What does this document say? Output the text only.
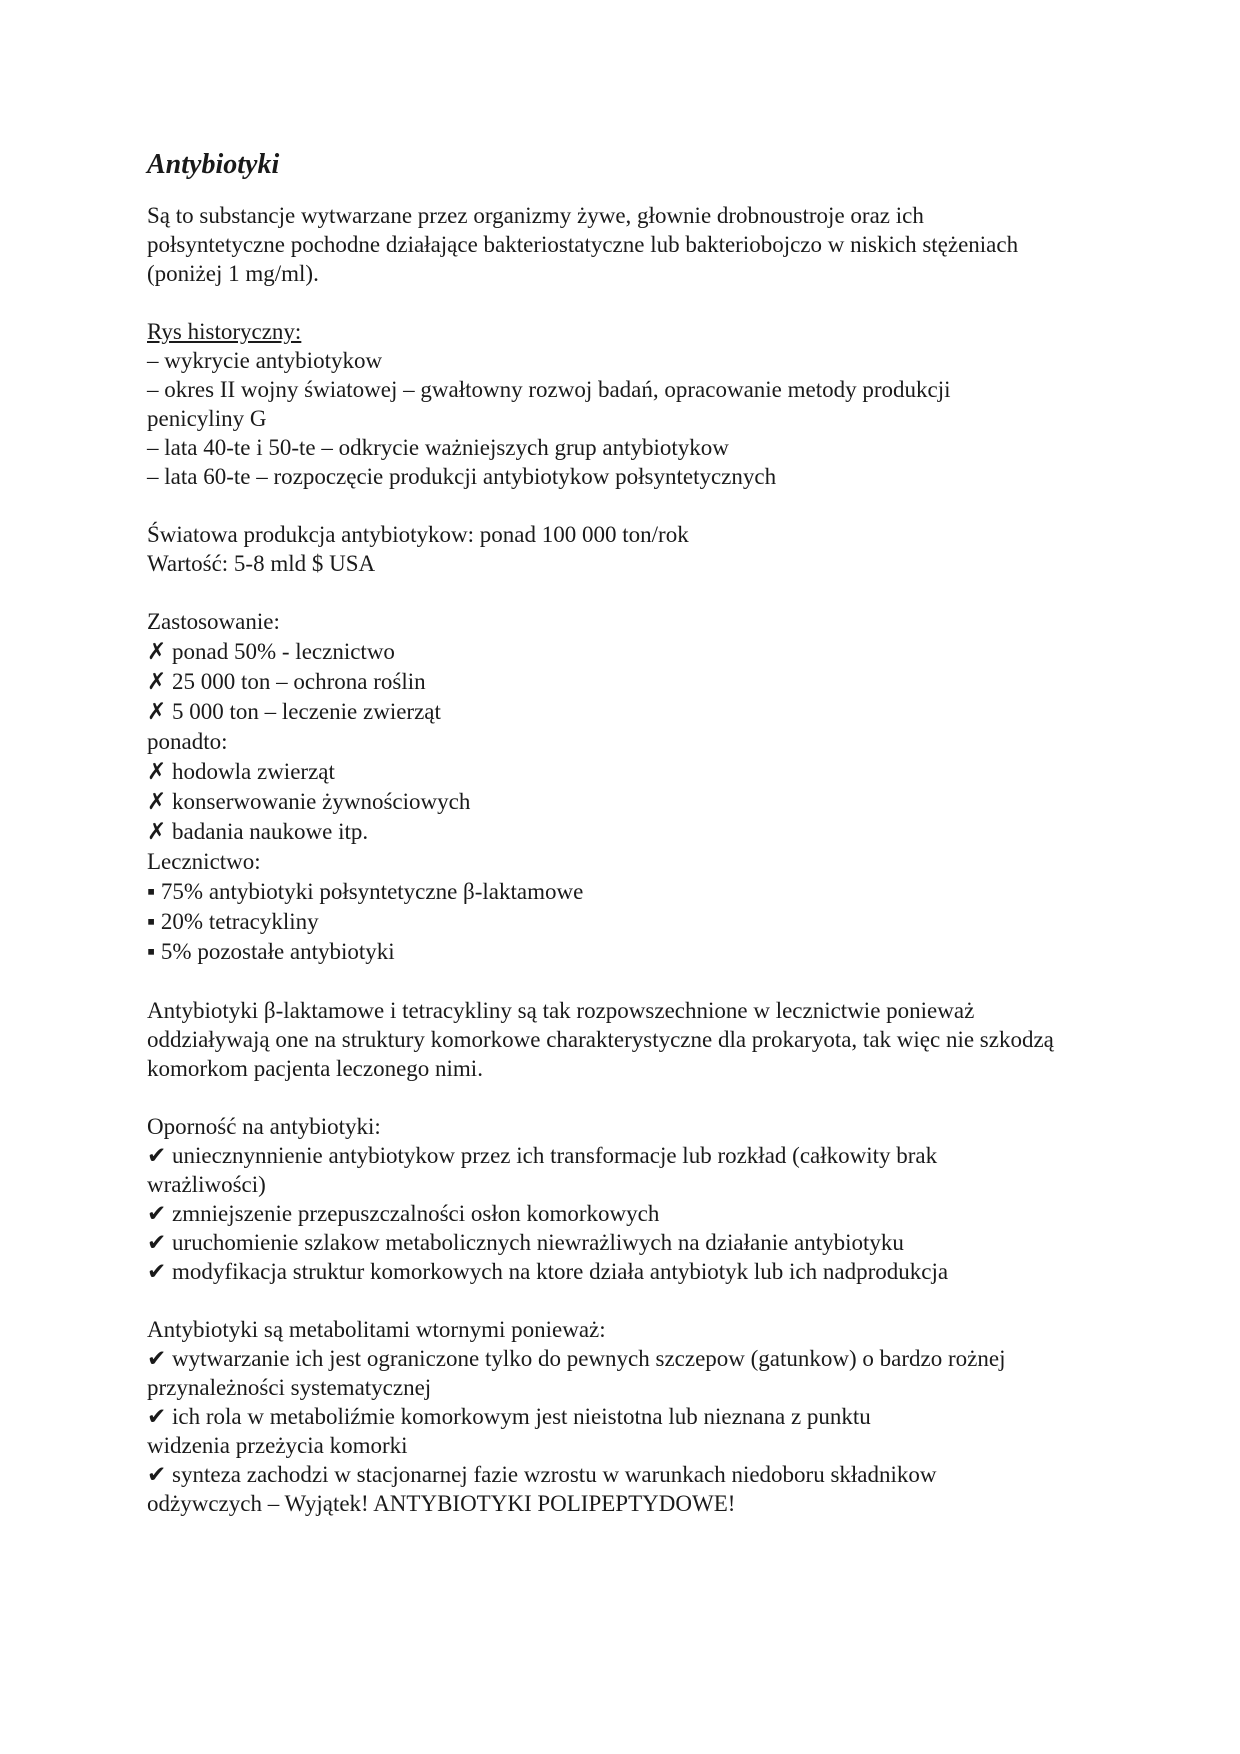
Antybiotyki

Są to substancje wytwarzane przez organizmy żywe, głownie drobnoustroje oraz ich połsyntetyczne pochodne działające bakteriostatyczne lub bakteriobojczo w niskich stężeniach (poniżej 1 mg/ml).

Rys historyczny:
– wykrycie antybiotykow
– okres II wojny światowej – gwałtowny rozwoj badań, opracowanie metody produkcji penicyliny G
– lata 40-te i 50-te – odkrycie ważniejszych grup antybiotykow
– lata 60-te – rozpoczęcie produkcji antybiotykow połsyntetycznych
Światowa produkcja antybiotykow: ponad 100 000 ton/rok
Wartość: 5-8 mld $ USA
Zastosowanie:
✗ ponad 50% - lecznictwo
✗ 25 000 ton – ochrona roślin
✗ 5 000 ton – leczenie zwierząt
ponadto:
✗ hodowla zwierząt
✗ konserwowanie żywnościowych
✗ badania naukowe itp.
Lecznictwo:
▪ 75% antybiotyki połsyntetyczne β-laktamowe
▪ 20% tetracykliny
▪ 5% pozostałe antybiotyki

Antybiotyki β-laktamowe i tetracykliny są tak rozpowszechnione w lecznictwie ponieważ oddziaływają one na struktury komorkowe charakterystyczne dla prokaryota, tak więc nie szkodzą komorkom pacjenta leczonego nimi.

Oporność na antybiotyki:
✔ uniecznynnienie antybiotykow przez ich transformacje lub rozkład (całkowity brak wrażliwości)
✔ zmniejszenie przepuszczalności osłon komorkowych
✔ uruchomienie szlakow metabolicznych niewrażliwych na działanie antybiotyku
✔ modyfikacja struktur komorkowych na ktore działa antybiotyk lub ich nadprodukcja
Antybiotyki są metabolitami wtornymi ponieważ:
✔ wytwarzanie ich jest ograniczone tylko do pewnych szczepow (gatunkow) o bardzo rożnej przynależności systematycznej
✔ ich rola w metaboliźmie komorkowym jest nieistotna lub nieznana z punktu widzenia przeżycia komorki
✔ synteza zachodzi w stacjonarnej fazie wzrostu w warunkach niedoboru składnikow odżywczych – Wyjątek! ANTYBIOTYKI POLIPEPTYDOWE!
